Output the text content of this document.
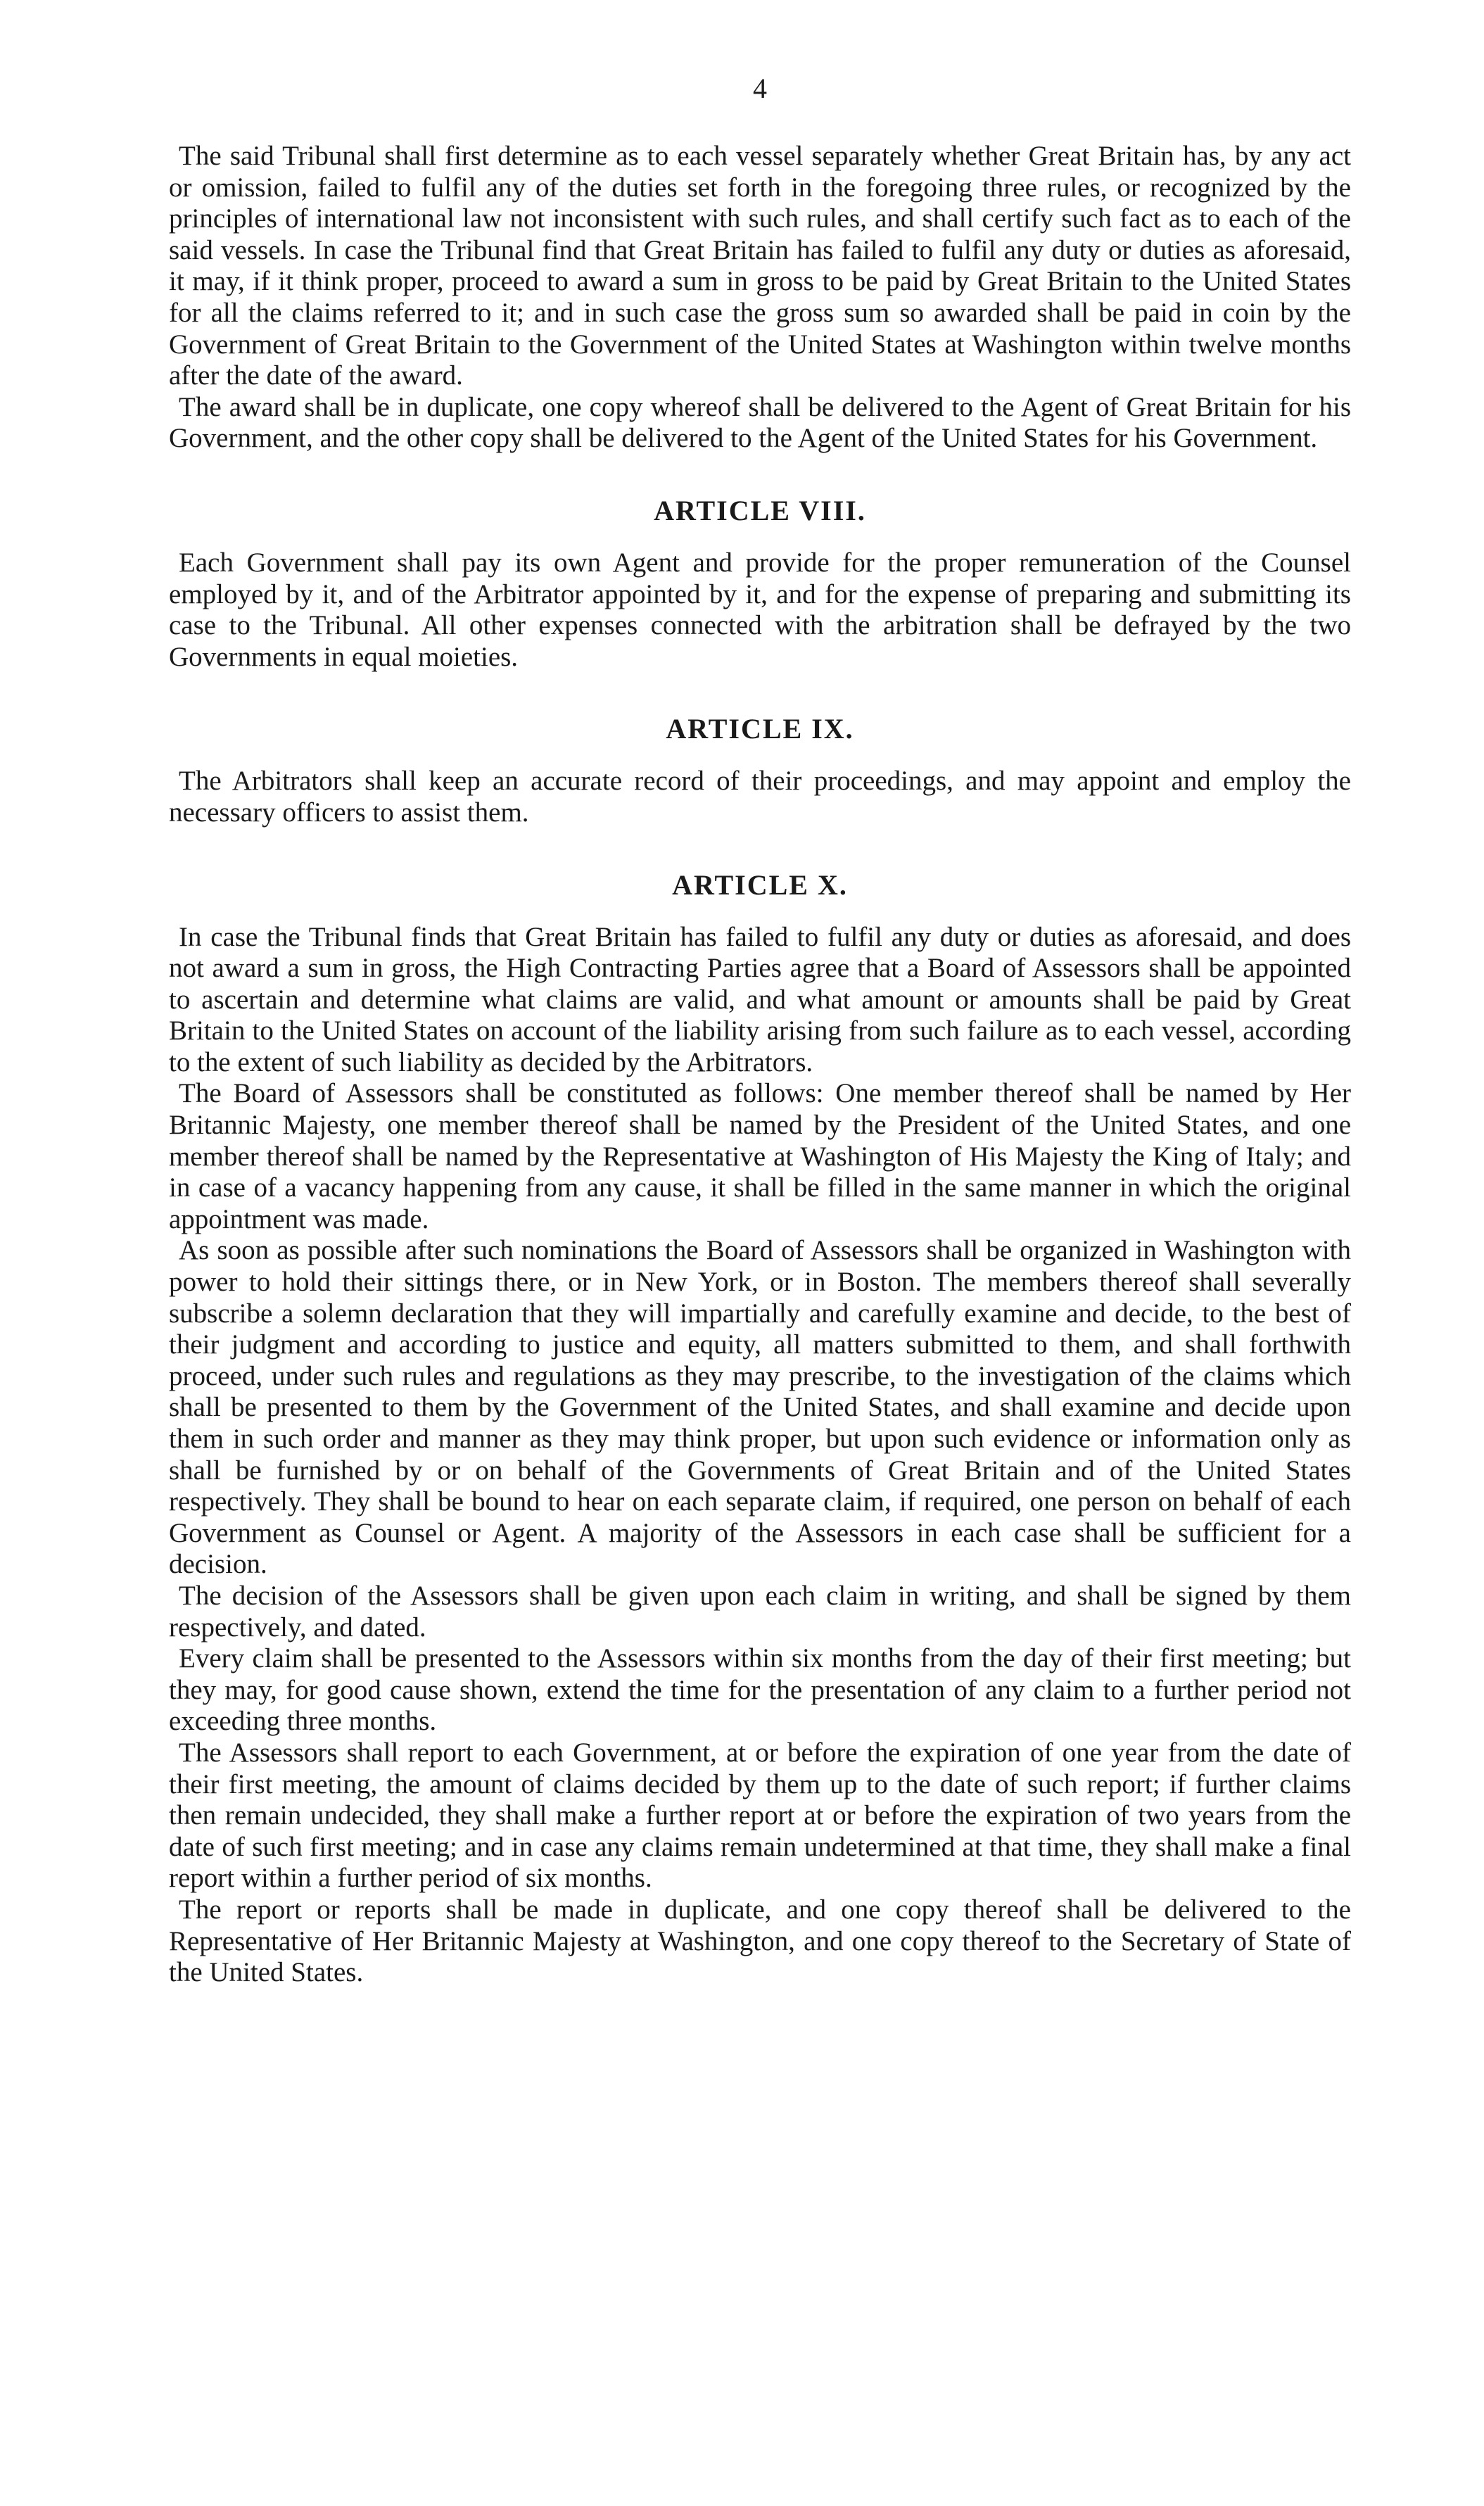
4

The said Tribunal shall first determine as to each vessel separately whether Great Britain has, by any act or omission, failed to fulfil any of the duties set forth in the foregoing three rules, or recognized by the principles of international law not inconsistent with such rules, and shall certify such fact as to each of the said vessels. In case the Tribunal find that Great Britain has failed to fulfil any duty or duties as aforesaid, it may, if it think proper, proceed to award a sum in gross to be paid by Great Britain to the United States for all the claims referred to it; and in such case the gross sum so awarded shall be paid in coin by the Government of Great Britain to the Government of the United States at Washington within twelve months after the date of the award.

The award shall be in duplicate, one copy whereof shall be delivered to the Agent of Great Britain for his Government, and the other copy shall be delivered to the Agent of the United States for his Government.

ARTICLE VIII.

Each Government shall pay its own Agent and provide for the proper remuneration of the Counsel employed by it, and of the Arbitrator appointed by it, and for the expense of preparing and submitting its case to the Tribunal. All other expenses connected with the arbitration shall be defrayed by the two Governments in equal moieties.

ARTICLE IX.

The Arbitrators shall keep an accurate record of their proceedings, and may appoint and employ the necessary officers to assist them.

ARTICLE X.

In case the Tribunal finds that Great Britain has failed to fulfil any duty or duties as aforesaid, and does not award a sum in gross, the High Contracting Parties agree that a Board of Assessors shall be appointed to ascertain and determine what claims are valid, and what amount or amounts shall be paid by Great Britain to the United States on account of the liability arising from such failure as to each vessel, according to the extent of such liability as decided by the Arbitrators.

The Board of Assessors shall be constituted as follows: One member thereof shall be named by Her Britannic Majesty, one member thereof shall be named by the President of the United States, and one member thereof shall be named by the Representative at Washington of His Majesty the King of Italy; and in case of a vacancy happening from any cause, it shall be filled in the same manner in which the original appointment was made.

As soon as possible after such nominations the Board of Assessors shall be organized in Washington with power to hold their sittings there, or in New York, or in Boston. The members thereof shall severally subscribe a solemn declaration that they will impartially and carefully examine and decide, to the best of their judgment and according to justice and equity, all matters submitted to them, and shall forthwith proceed, under such rules and regulations as they may prescribe, to the investigation of the claims which shall be presented to them by the Government of the United States, and shall examine and decide upon them in such order and manner as they may think proper, but upon such evidence or information only as shall be furnished by or on behalf of the Governments of Great Britain and of the United States respectively. They shall be bound to hear on each separate claim, if required, one person on behalf of each Government as Counsel or Agent. A majority of the Assessors in each case shall be sufficient for a decision.

The decision of the Assessors shall be given upon each claim in writing, and shall be signed by them respectively, and dated.

Every claim shall be presented to the Assessors within six months from the day of their first meeting; but they may, for good cause shown, extend the time for the presentation of any claim to a further period not exceeding three months.

The Assessors shall report to each Government, at or before the expiration of one year from the date of their first meeting, the amount of claims decided by them up to the date of such report; if further claims then remain undecided, they shall make a further report at or before the expiration of two years from the date of such first meeting; and in case any claims remain undetermined at that time, they shall make a final report within a further period of six months.

The report or reports shall be made in duplicate, and one copy thereof shall be delivered to the Representative of Her Britannic Majesty at Washington, and one copy thereof to the Secretary of State of the United States.
